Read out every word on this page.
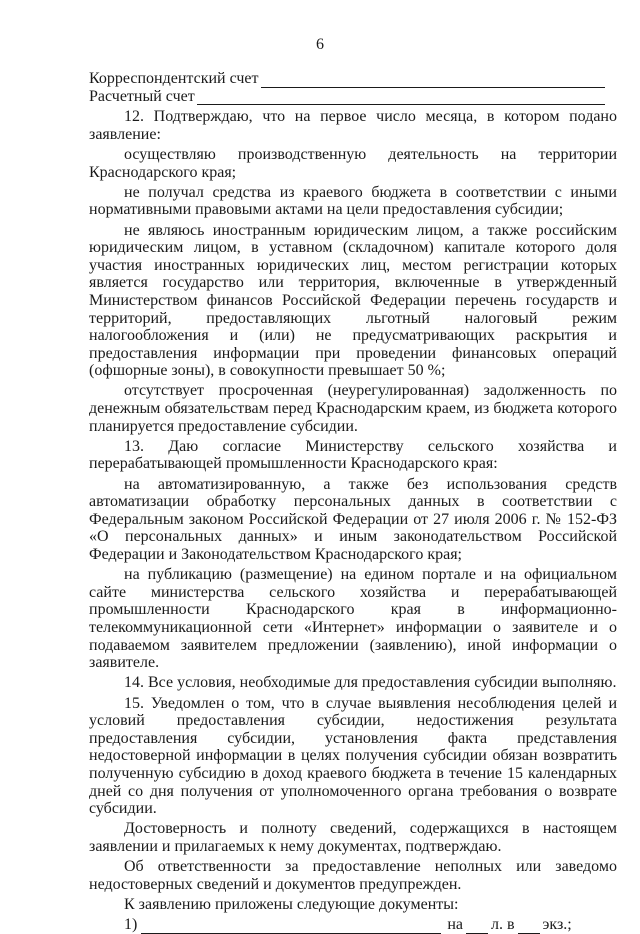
6
Корреспондентский счет
Расчетный счет

12. Подтверждаю, что на первое число месяца, в котором подано заявление:

осуществляю производственную деятельность на территории Краснодарского края;

не получал средства из краевого бюджета в соответствии с иными нормативными правовыми актами на цели предоставления субсидии;

не являюсь иностранным юридическим лицом, а также российским юридическим лицом, в уставном (складочном) капитале которого доля участия иностранных юридических лиц, местом регистрации которых является государство или территория, включенные в утвержденный Министерством финансов Российской Федерации перечень государств и территорий, предоставляющих льготный налоговый режим налогообложения и (или) не предусматривающих раскрытия и предоставления информации при проведении финансовых операций (офшорные зоны), в совокупности превышает 50 %;

отсутствует просроченная (неурегулированная) задолженность по денежным обязательствам перед Краснодарским краем, из бюджета которого планируется предоставление субсидии.

13. Даю согласие Министерству сельского хозяйства и перерабатывающей промышленности Краснодарского края:

на автоматизированную, а также без использования средств автоматизации обработку персональных данных в соответствии с Федеральным законом Российской Федерации от 27 июля 2006 г. № 152-ФЗ «О персональных данных» и иным законодательством Российской Федерации и Законодательством Краснодарского края;

на публикацию (размещение) на едином портале и на официальном сайте министерства сельского хозяйства и перерабатывающей промышленности Краснодарского края в информационно-телекоммуникационной сети «Интернет» информации о заявителе и о подаваемом заявителем предложении (заявлению), иной информации о заявителе.

14. Все условия, необходимые для предоставления субсидии выполняю.

15. Уведомлен о том, что в случае выявления несоблюдения целей и условий предоставления субсидии, недостижения результата предоставления субсидии, установления факта представления недостоверной информации в целях получения субсидии обязан возвратить полученную субсидию в доход краевого бюджета в течение 15 календарных дней со дня получения от уполномоченного органа требования о возврате субсидии.

Достоверность и полноту сведений, содержащихся в настоящем заявлении и прилагаемых к нему документах, подтверждаю.

Об ответственности за предоставление неполных или заведомо недостоверных сведений и документов предупрежден.

К заявлению приложены следующие документы:

1)	на л. в экз.;
